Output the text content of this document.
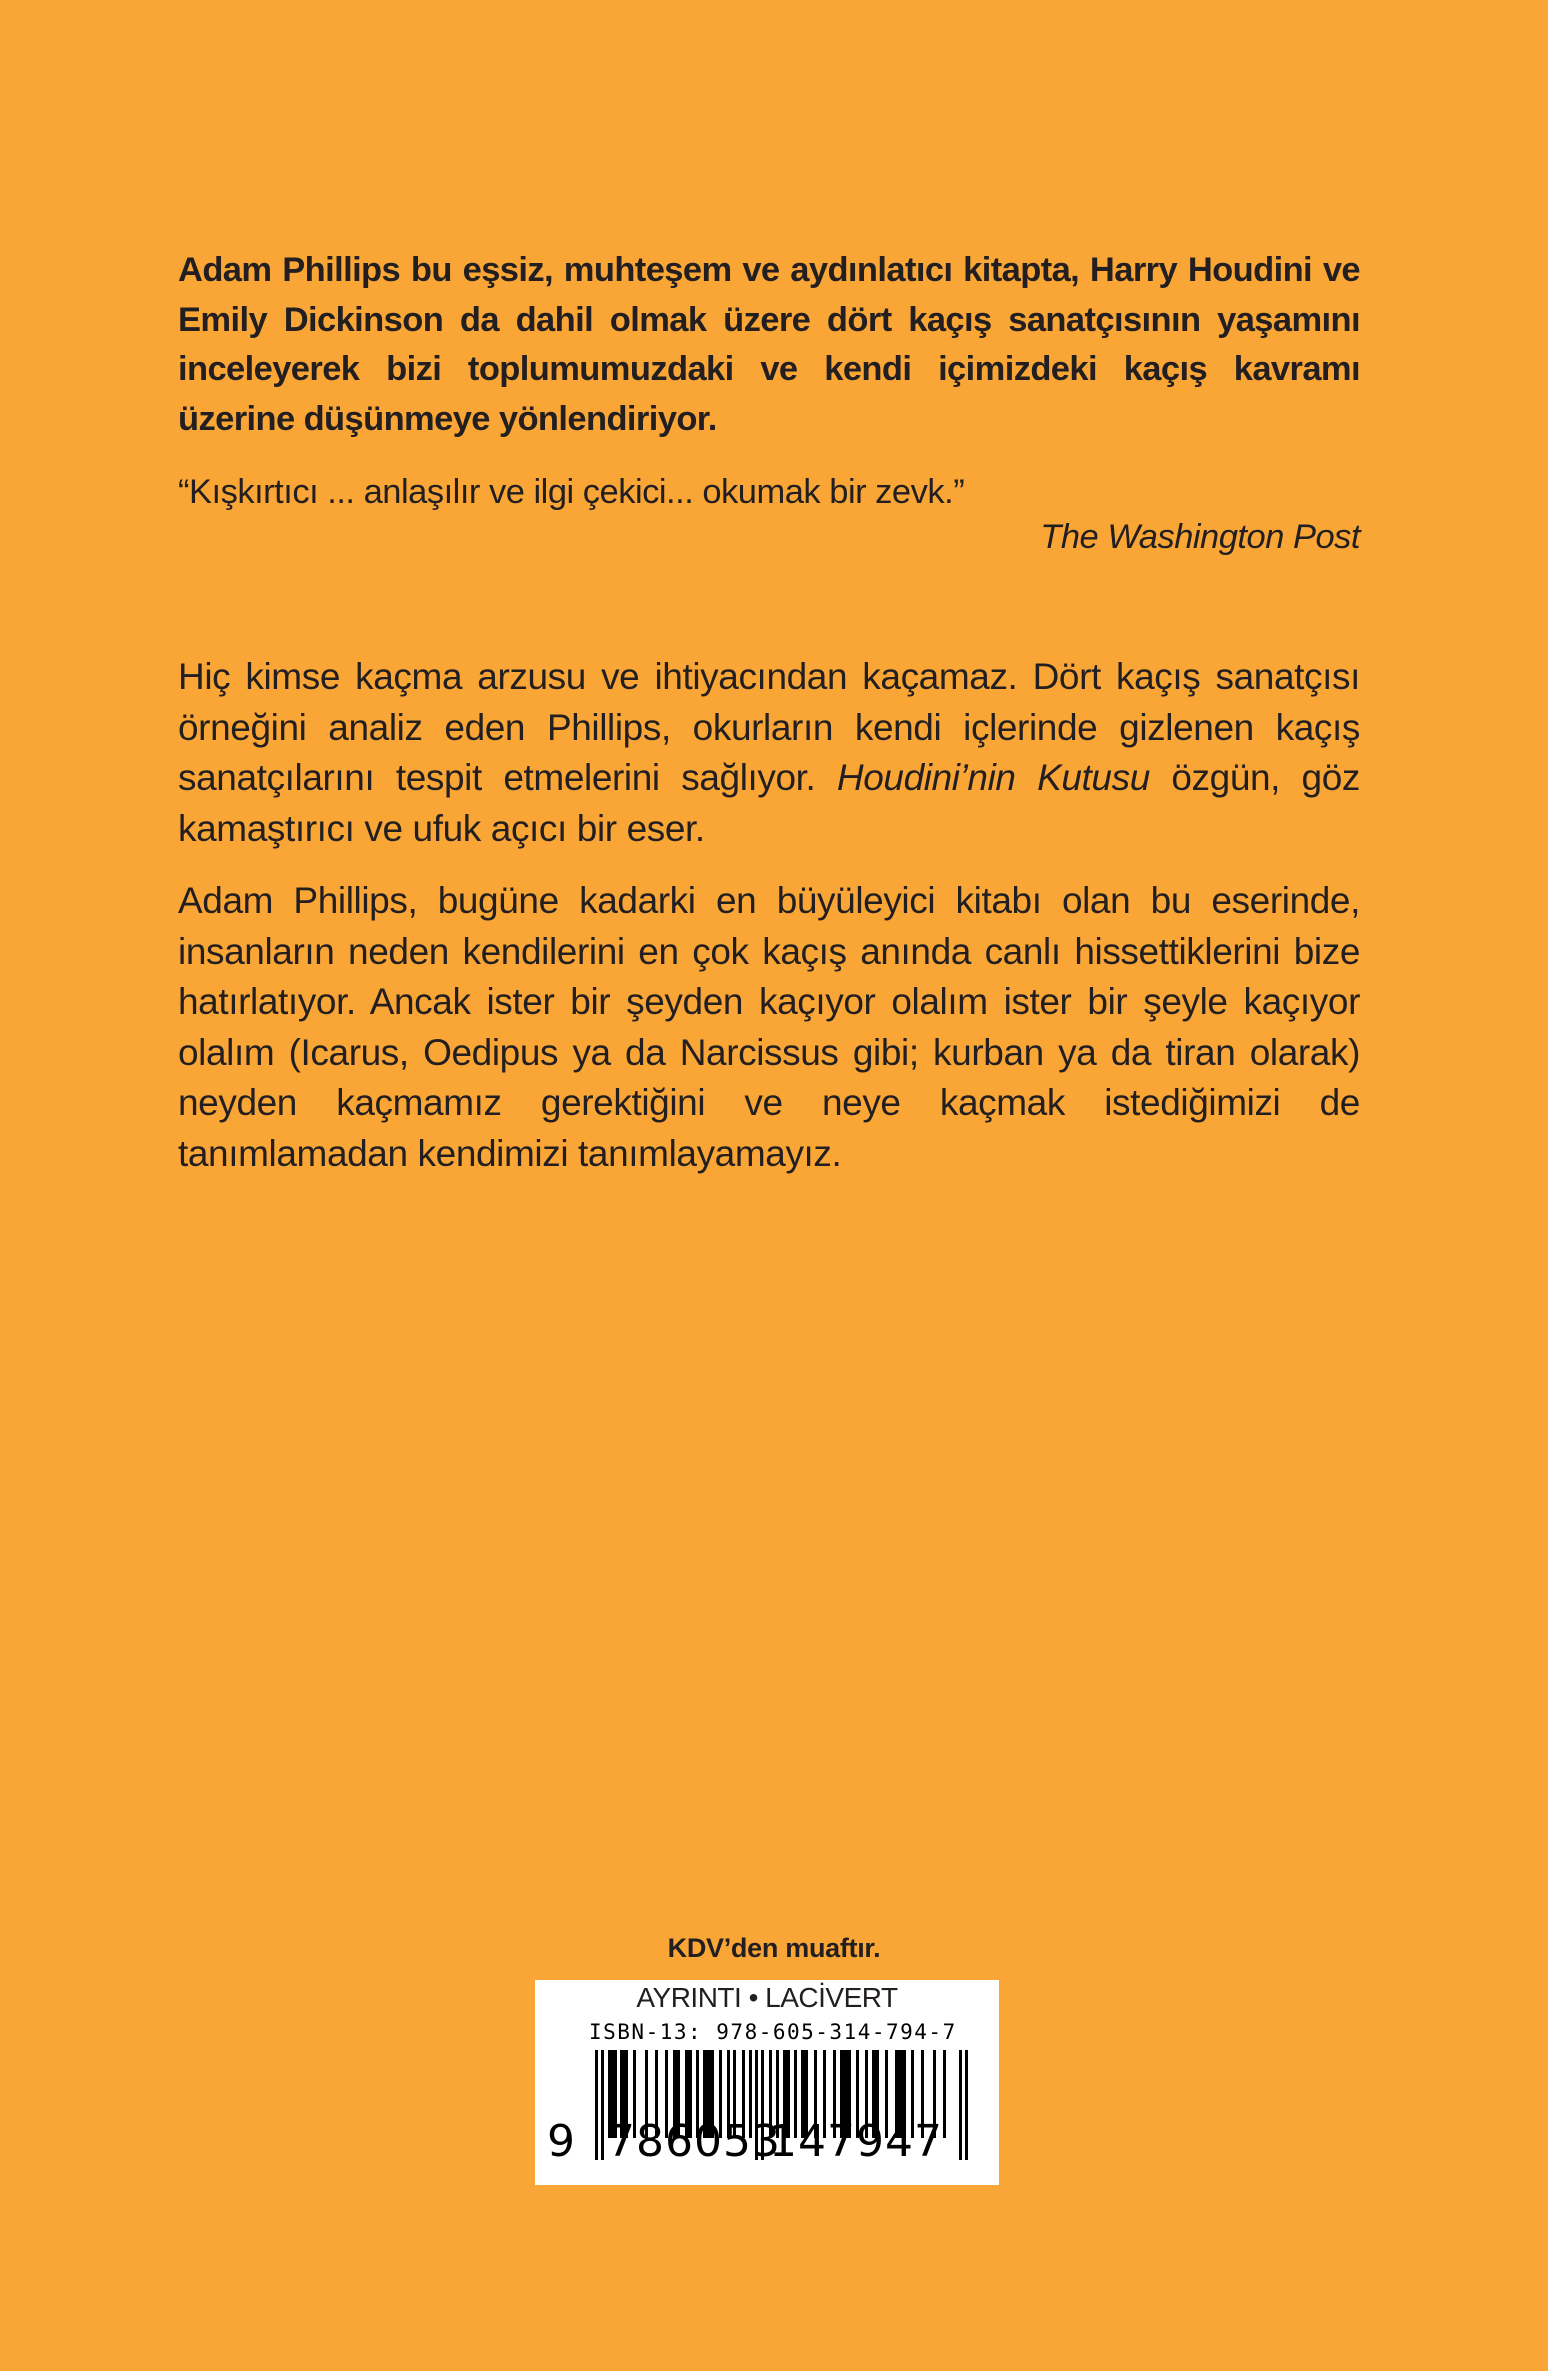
Adam Phillips bu eşsiz, muhteşem ve aydınlatıcı kitapta, Harry Houdini ve Emily Dickinson da dahil olmak üzere dört kaçış sanatçısının yaşamını inceleyerek bizi toplumumuzdaki ve kendi içimizdeki kaçış kavramı üzerine düşünmeye yönlendiriyor.
“Kışkırtıcı ... anlaşılır ve ilgi çekici... okumak bir zevk.”
The Washington Post
Hiç kimse kaçma arzusu ve ihtiyacından kaçamaz. Dört kaçış sanatçısı örneğini analiz eden Phillips, okurların kendi içlerinde gizlenen kaçış sanatçılarını tespit etmelerini sağlıyor. Houdini’nin Kutusu özgün, göz kamaştırıcı ve ufuk açıcı bir eser.
Adam Phillips, bugüne kadarki en büyüleyici kitabı olan bu eserinde, insanların neden kendilerini en çok kaçış anında canlı hissettiklerini bize hatırlatıyor. Ancak ister bir şeyden kaçıyor olalım ister bir şeyle kaçıyor olalım (Icarus, Oedipus ya da Narcissus gibi; kurban ya da tiran olarak) neyden kaçmamız gerektiğini ve neye kaçmak istediğimizi de tanımlamadan kendimizi tanımlayamayız.
KDV’den muaftır.
AYRINTI • LACİVERT
ISBN-13: 978-605-314-794-7

9

786053

147947
